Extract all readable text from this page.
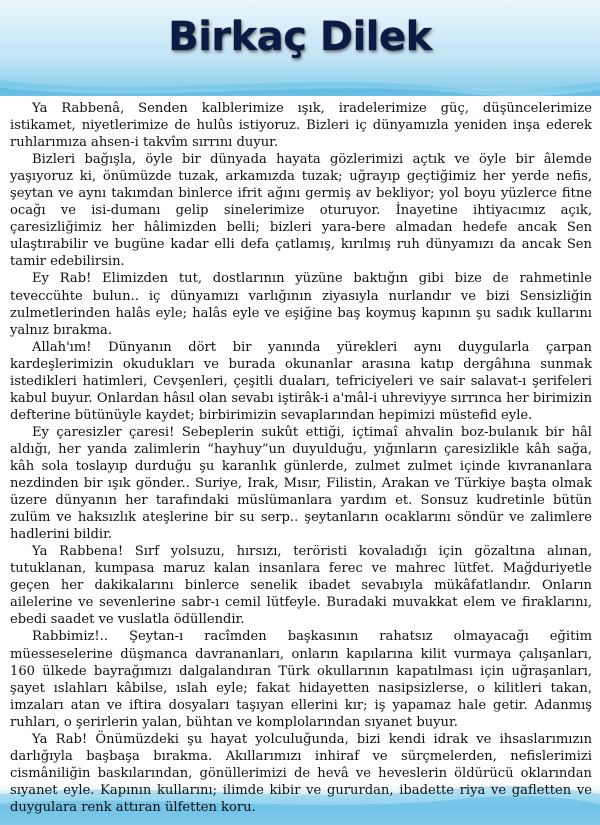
Birkaç Dilek

Ya Rabbenâ, Senden kalblerimize ışık, iradelerimize güç, düşüncelerimize istikamet, niyetlerimize de hulûs istiyoruz. Bizleri iç dünyamızla yeniden inşa ederek ruhlarımıza ahsen-i takvîm sırrını duyur.

Bizleri bağışla, öyle bir dünyada hayata gözlerimizi açtık ve öyle bir âlemde yaşıyoruz ki, önümüzde tuzak, arkamızda tuzak; uğrayıp geçtiğimiz her yerde nefis, şeytan ve aynı takımdan binlerce ifrit ağını germiş av bekliyor; yol boyu yüzlerce fitne ocağı ve isi-dumanı gelip sinelerimize oturuyor. İnayetine ihtiyacımız açık, çaresizliğimiz her hâlimizden belli; bizleri yara-bere almadan hedefe ancak Sen ulaştırabilir ve bugüne kadar elli defa çatlamış, kırılmış ruh dünyamızı da ancak Sen tamir edebilirsin.

Ey Rab! Elimizden tut, dostlarının yüzüne baktığın gibi bize de rahmetinle teveccühte bulun.. iç dünyamızı varlığının ziyasıyla nurlandır ve bizi Sensizliğin zulmetlerinden halâs eyle; halâs eyle ve eşiğine baş koymuş kapının şu sadık kullarını yalnız bırakma.

Allah'ım! Dünyanın dört bir yanında yürekleri aynı duygularla çarpan kardeşlerimizin okudukları ve burada okunanlar arasına katıp dergâhına sunmak istedikleri hatimleri, Cevşenleri, çeşitli duaları, tefriciyeleri ve sair salavat-ı şerifeleri kabul buyur. Onlardan hâsıl olan sevabı iştirâk-i a'mâl-i uhreviyye sırrınca her birimizin defterine bütünüyle kaydet; birbirimizin sevaplarından hepimizi müstefid eyle.

Ey çaresizler çaresi! Sebeplerin sukût ettiği, içtimaî ahvalin boz-bulanık bir hâl aldığı, her yanda zalimlerin “hayhuy”un duyulduğu, yığınların çaresizlikle kâh sağa, kâh sola toslayıp durduğu şu karanlık günlerde, zulmet zulmet içinde kıvrananlara nezdinden bir ışık gönder.. Suriye, Irak, Mısır, Filistin, Arakan ve Türkiye başta olmak üzere dünyanın her tarafındaki müslümanlara yardım et. Sonsuz kudretinle bütün zulüm ve haksızlık ateşlerine bir su serp.. şeytanların ocaklarını söndür ve zalimlere hadlerini bildir.

Ya Rabbena! Sırf yolsuzu, hırsızı, teröristi kovaladığı için gözaltına alınan, tutuklanan, kumpasa maruz kalan insanlara ferec ve mahrec lütfet. Mağduriyetle geçen her dakikalarını binlerce senelik ibadet sevabıyla mükâfatlandır. Onların ailelerine ve sevenlerine sabr-ı cemil lütfeyle. Buradaki muvakkat elem ve firaklarını, ebedi saadet ve vuslatla ödüllendir.

Rabbimiz!.. Şeytan-ı racîmden başkasının rahatsız olmayacağı eğitim müesseselerine düşmanca davrananları, onların kapılarına kilit vurmaya çalışanları, 160 ülkede bayrağımızı dalgalandıran Türk okullarının kapatılması için uğraşanları, şayet ıslahları kâbilse, ıslah eyle; fakat hidayetten nasipsizlerse, o kilitleri takan, imzaları atan ve iftira dosyaları taşıyan ellerini kır; iş yapamaz hale getir. Adanmış ruhları, o şerirlerin yalan, bühtan ve komplolarından sıyanet buyur.

Ya Rab! Önümüzdeki şu hayat yolculuğunda, bizi kendi idrak ve ihsaslarımızın darlığıyla başbaşa bırakma. Akıllarımızı inhiraf ve sürçmelerden, nefislerimizi cismâniliğin baskılarından, gönüllerimizi de hevâ ve heveslerin öldürücü oklarından sıyanet eyle. Kapının kullarını; ilimde kibir ve gururdan, ibadette riya ve gafletten ve duygulara renk attıran ülfetten koru.
